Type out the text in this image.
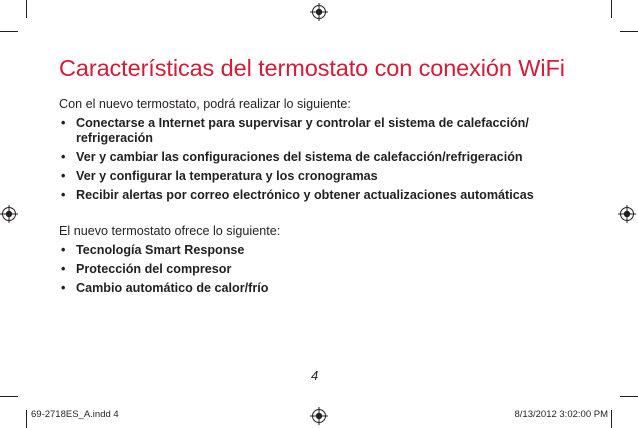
Características del termostato con conexión WiFi

Con el nuevo termostato, podrá realizar lo siguiente:

• Conectarse a Internet para supervisar y controlar el sistema de calefacción/
refrigeración
• Ver y cambiar las configuraciones del sistema de calefacción/refrigeración
• Ver y configurar la temperatura y los cronogramas
• Recibir alertas por correo electrónico y obtener actualizaciones automáticas

El nuevo termostato ofrece lo siguiente:

• Tecnología Smart Response
• Protección del compresor
• Cambio automático de calor/frío
4
69-2718ES_A.indd 4	8/13/2012 3:02:00 PM
